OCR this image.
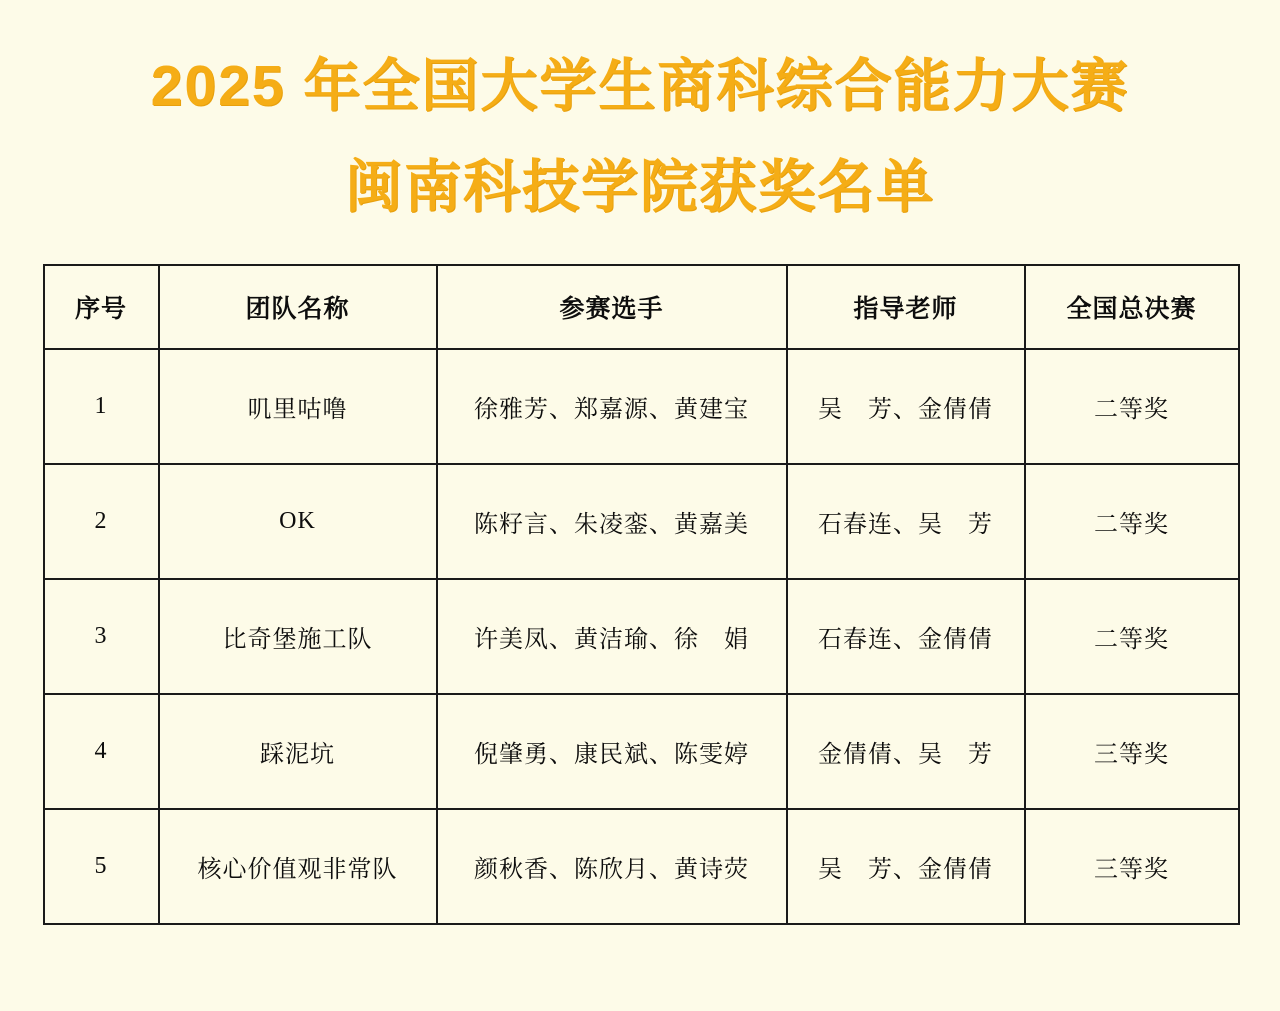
2025 年全国大学生商科综合能力大赛
闽南科技学院获奖名单
序号	团队名称	参赛选手	指导老师	全国总决赛
1	叽里咕噜	徐雅芳、郑嘉源、黄建宝	吴　芳、金倩倩	二等奖
2	OK	陈籽言、朱凌銮、黄嘉美	石春连、吴　芳	二等奖
3	比奇堡施工队	许美凤、黄洁瑜、徐　娟	石春连、金倩倩	二等奖
4	踩泥坑	倪肇勇、康民斌、陈雯婷	金倩倩、吴　芳	三等奖
5	核心价值观非常队	颜秋香、陈欣月、黄诗荧	吴　芳、金倩倩	三等奖
